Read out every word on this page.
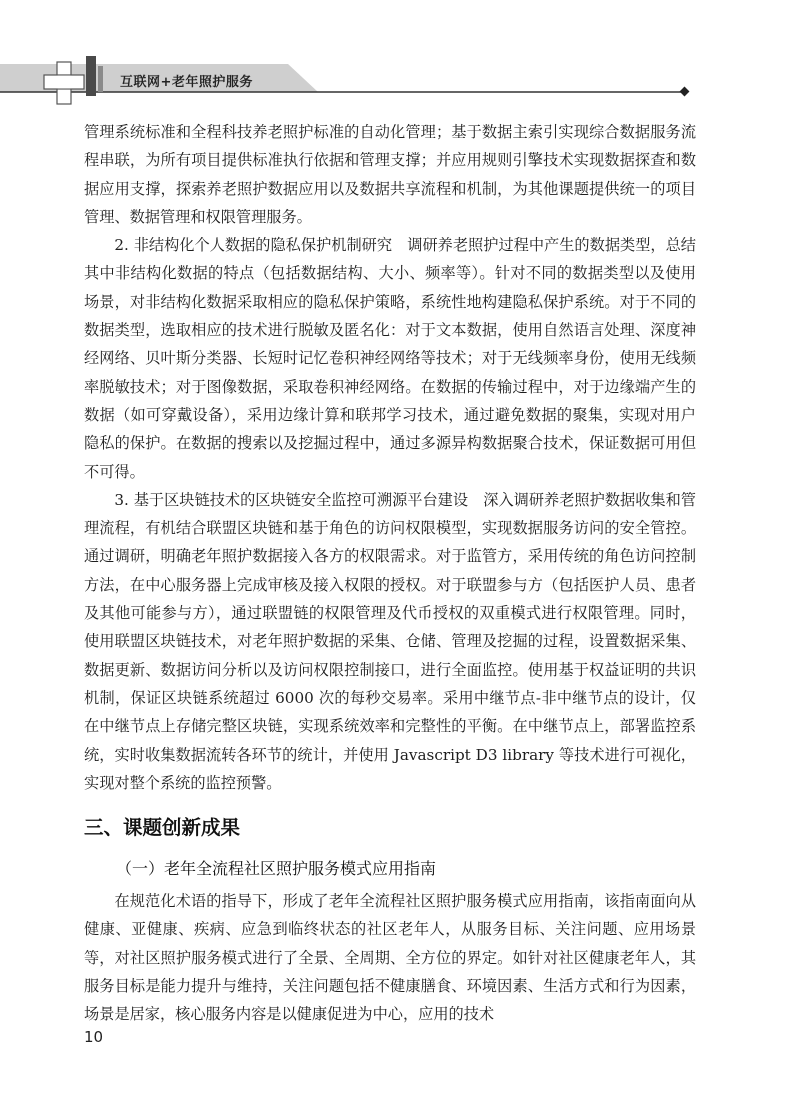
互联网+老年照护服务

管理系统标准和全程科技养老照护标准的自动化管理；基于数据主索引实现综合数据服务流程串联，为所有项目提供标准执行依据和管理支撑；并应用规则引擎技术实现数据探查和数据应用支撑，探索养老照护数据应用以及数据共享流程和机制，为其他课题提供统一的项目管理、数据管理和权限管理服务。

2. 非结构化个人数据的隐私保护机制研究　调研养老照护过程中产生的数据类型，总结其中非结构化数据的特点（包括数据结构、大小、频率等）。针对不同的数据类型以及使用场景，对非结构化数据采取相应的隐私保护策略，系统性地构建隐私保护系统。对于不同的数据类型，选取相应的技术进行脱敏及匿名化：对于文本数据，使用自然语言处理、深度神经网络、贝叶斯分类器、长短时记忆卷积神经网络等技术；对于无线频率身份，使用无线频率脱敏技术；对于图像数据，采取卷积神经网络。在数据的传输过程中，对于边缘端产生的数据（如可穿戴设备），采用边缘计算和联邦学习技术，通过避免数据的聚集，实现对用户隐私的保护。在数据的搜索以及挖掘过程中，通过多源异构数据聚合技术，保证数据可用但不可得。

3. 基于区块链技术的区块链安全监控可溯源平台建设　深入调研养老照护数据收集和管理流程，有机结合联盟区块链和基于角色的访问权限模型，实现数据服务访问的安全管控。通过调研，明确老年照护数据接入各方的权限需求。对于监管方，采用传统的角色访问控制方法，在中心服务器上完成审核及接入权限的授权。对于联盟参与方（包括医护人员、患者及其他可能参与方），通过联盟链的权限管理及代币授权的双重模式进行权限管理。同时，使用联盟区块链技术，对老年照护数据的采集、仓储、管理及挖掘的过程，设置数据采集、数据更新、数据访问分析以及访问权限控制接口，进行全面监控。使用基于权益证明的共识机制，保证区块链系统超过 6000 次的每秒交易率。采用中继节点-非中继节点的设计，仅在中继节点上存储完整区块链，实现系统效率和完整性的平衡。在中继节点上，部署监控系统，实时收集数据流转各环节的统计，并使用 Javascript D3 library 等技术进行可视化，实现对整个系统的监控预警。

三、课题创新成果

（一）老年全流程社区照护服务模式应用指南

在规范化术语的指导下，形成了老年全流程社区照护服务模式应用指南，该指南面向从健康、亚健康、疾病、应急到临终状态的社区老年人，从服务目标、关注问题、应用场景等，对社区照护服务模式进行了全景、全周期、全方位的界定。如针对社区健康老年人，其服务目标是能力提升与维持，关注问题包括不健康膳食、环境因素、生活方式和行为因素，场景是居家，核心服务内容是以健康促进为中心，应用的技术

10
